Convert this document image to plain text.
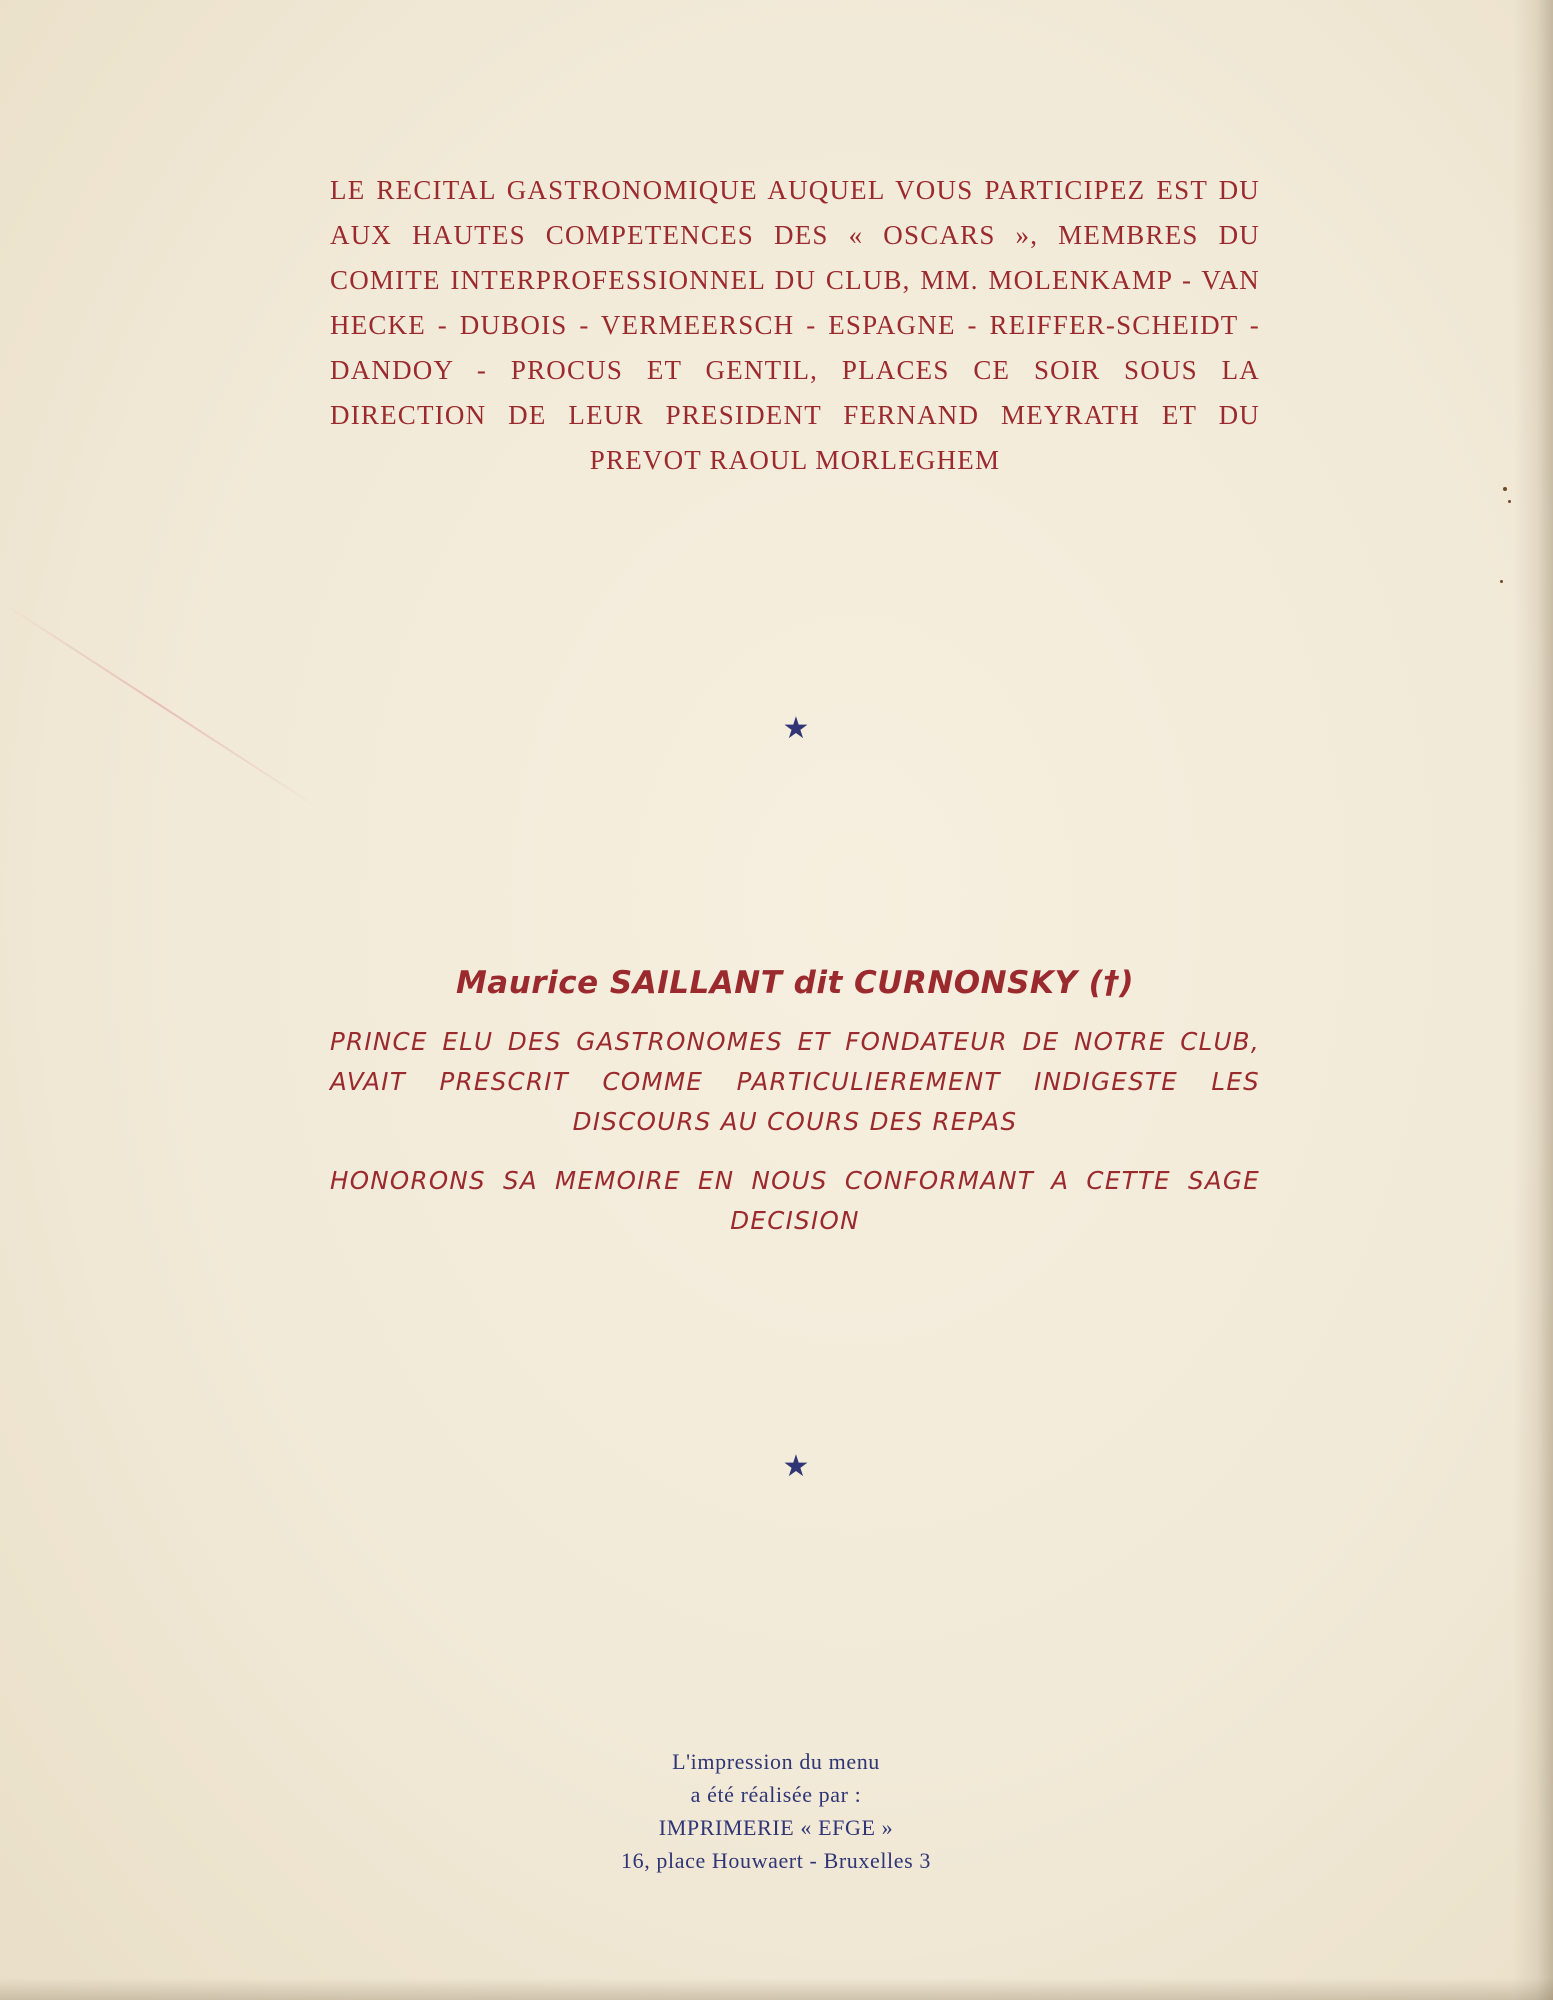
LE RECITAL GASTRONOMIQUE AUQUEL VOUS PARTICIPEZ EST DU AUX HAUTES COMPETENCES DES « OSCARS », MEMBRES DU COMITE INTERPROFESSIONNEL DU CLUB, MM. MOLENKAMP - VAN HECKE - DUBOIS - VERMEERSCH - ESPAGNE - REIFFER-SCHEIDT - DANDOY - PROCUS ET GENTIL, PLACES CE SOIR SOUS LA DIRECTION DE LEUR PRESIDENT FERNAND MEYRATH ET DU PREVOT RAOUL MORLEGHEM

★

Maurice SAILLANT dit CURNONSKY (†)

PRINCE ELU DES GASTRONOMES ET FONDATEUR DE NOTRE CLUB, AVAIT PRESCRIT COMME PARTICULIEREMENT INDIGESTE LES DISCOURS AU COURS DES REPAS

HONORONS SA MEMOIRE EN NOUS CONFORMANT A CETTE SAGE DECISION

★
L'impression du menu
a été réalisée par :
IMPRIMERIE « EFGE »
16, place Houwaert - Bruxelles 3
